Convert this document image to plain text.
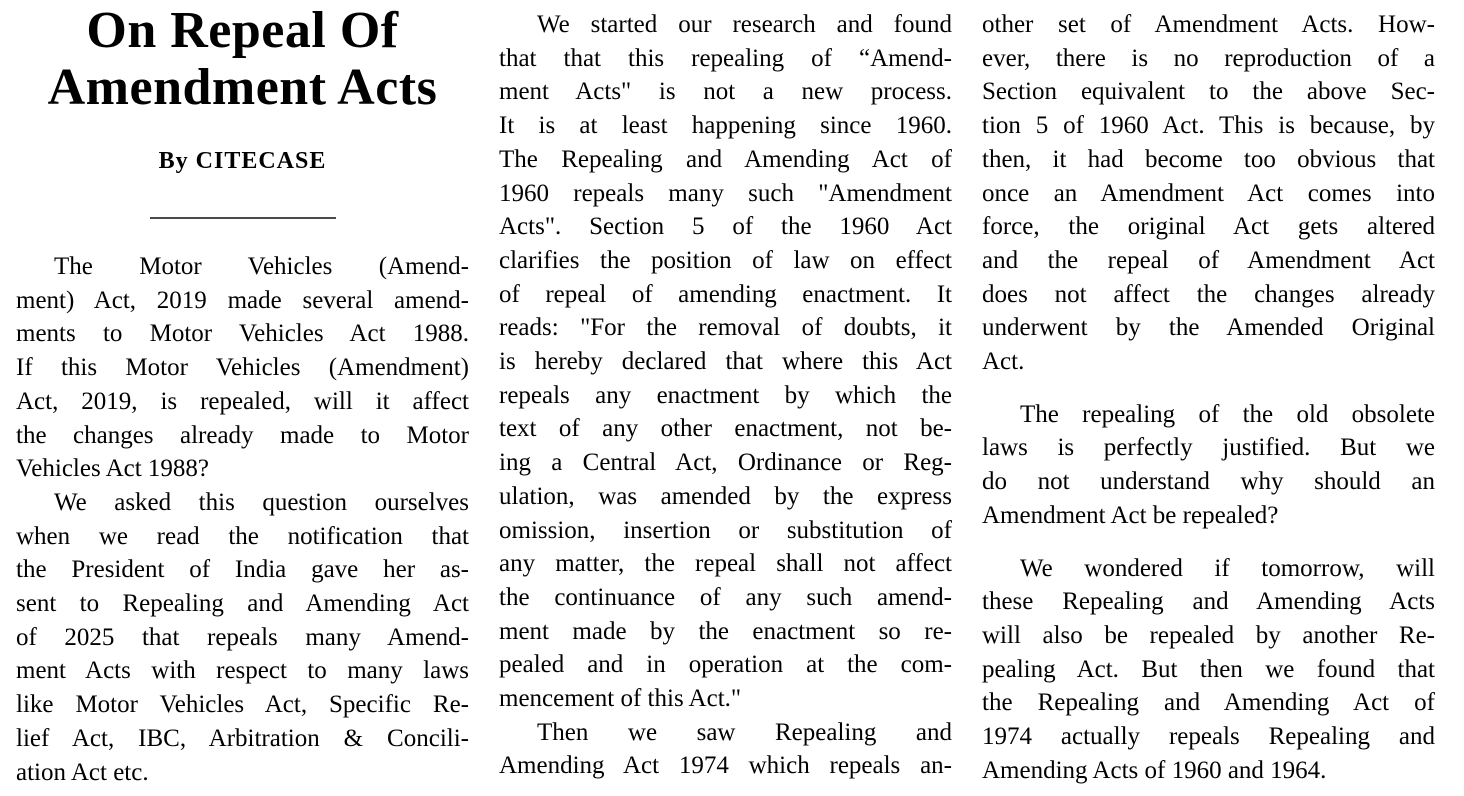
On Repeal Of
Amendment Acts
By CITECASE
The Motor Vehicles (Amend-
ment) Act, 2019 made several amend-
ments to Motor Vehicles Act 1988.
If this Motor Vehicles (Amendment)
Act, 2019, is repealed, will it affect
the changes already made to Motor
Vehicles Act 1988?
We asked this question ourselves
when we read the notification that
the President of India gave her as-
sent to Repealing and Amending Act
of 2025 that repeals many Amend-
ment Acts with respect to many laws
like Motor Vehicles Act, Specific Re-
lief Act, IBC, Arbitration & Concili-
ation Act etc.
We started our research and found
that that this repealing of “Amend-
ment Acts" is not a new process.
It is at least happening since 1960.
The Repealing and Amending Act of
1960 repeals many such "Amendment
Acts". Section 5 of the 1960 Act
clarifies the position of law on effect
of repeal of amending enactment. It
reads: "For the removal of doubts, it
is hereby declared that where this Act
repeals any enactment by which the
text of any other enactment, not be-
ing a Central Act, Ordinance or Reg-
ulation, was amended by the express
omission, insertion or substitution of
any matter, the repeal shall not affect
the continuance of any such amend-
ment made by the enactment so re-
pealed and in operation at the com-
mencement of this Act."
Then we saw Repealing and
Amending Act 1974 which repeals an-
other set of Amendment Acts. How-
ever, there is no reproduction of a
Section equivalent to the above Sec-
tion 5 of 1960 Act. This is because, by
then, it had become too obvious that
once an Amendment Act comes into
force, the original Act gets altered
and the repeal of Amendment Act
does not affect the changes already
underwent by the Amended Original
Act.
The repealing of the old obsolete
laws is perfectly justified. But we
do not understand why should an
Amendment Act be repealed?
We wondered if tomorrow, will
these Repealing and Amending Acts
will also be repealed by another Re-
pealing Act. But then we found that
the Repealing and Amending Act of
1974 actually repeals Repealing and
Amending Acts of 1960 and 1964.
